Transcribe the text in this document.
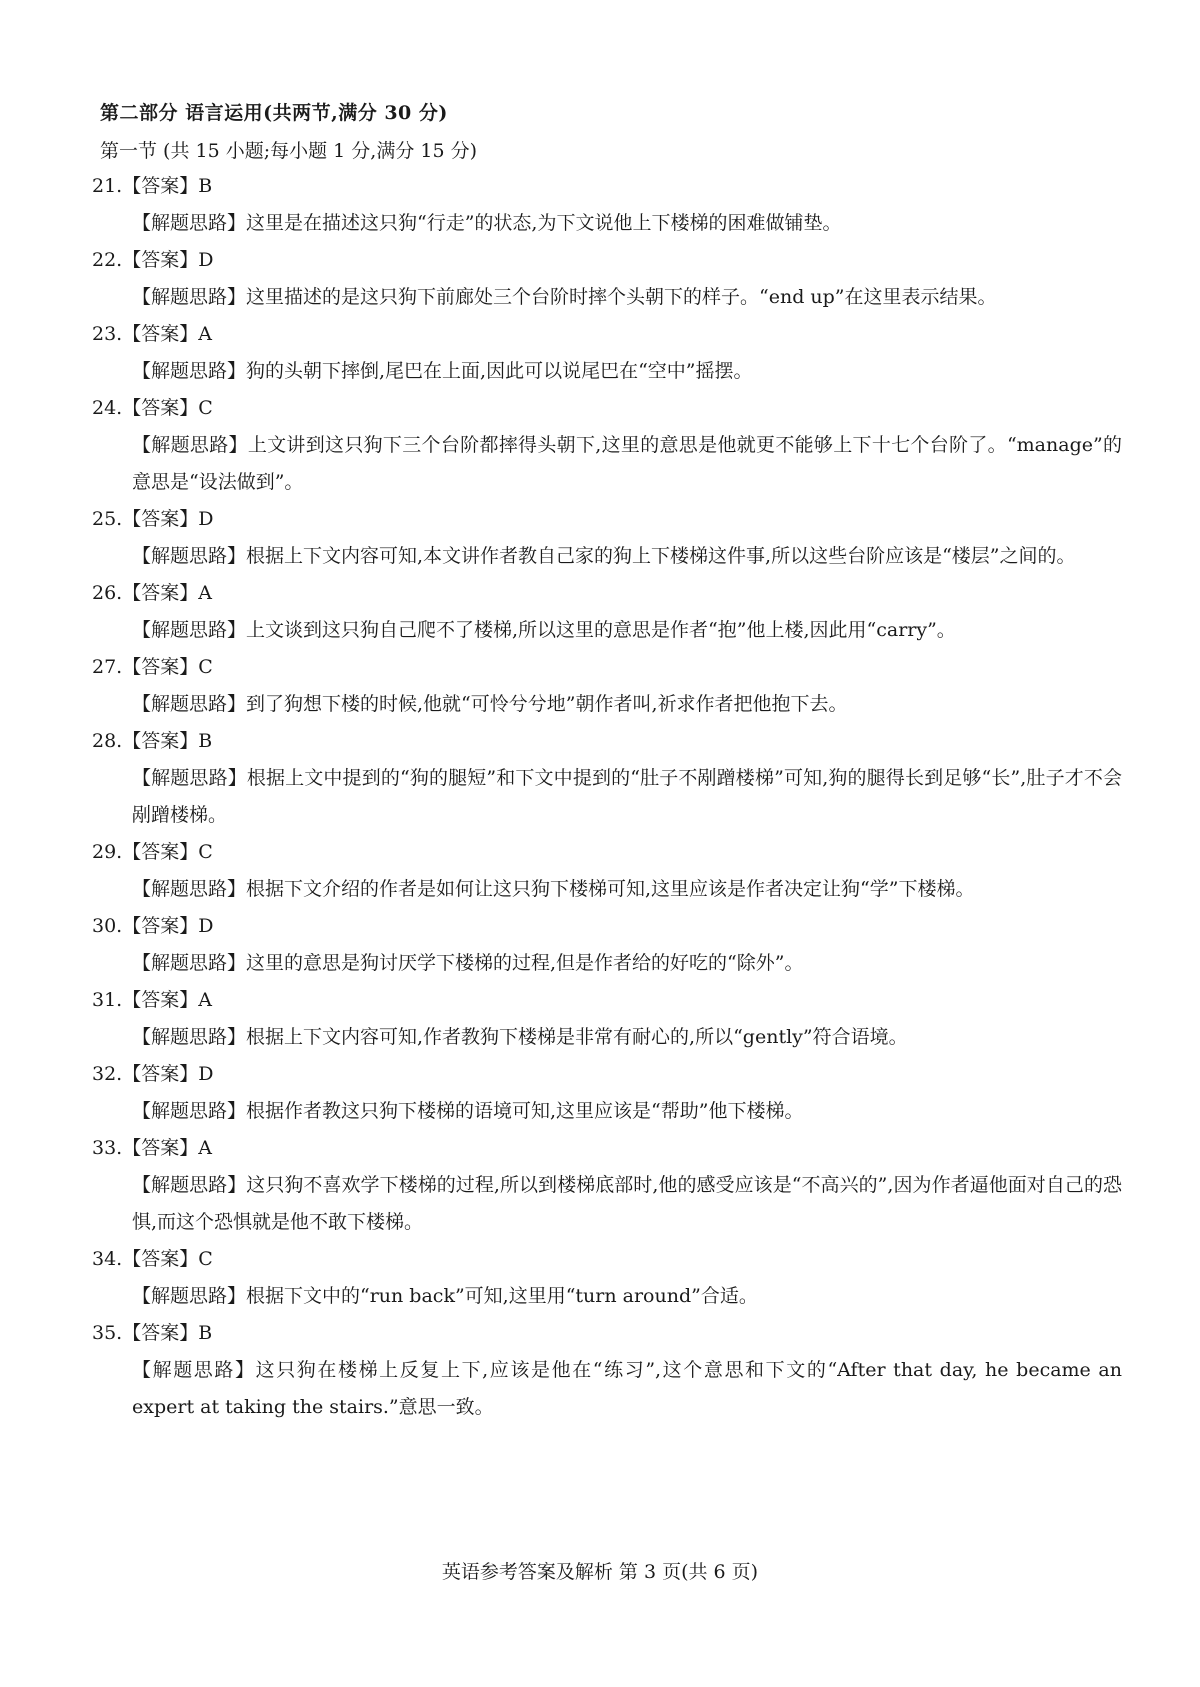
第二部分 语言运用(共两节,满分 30 分)
第一节 (共 15 小题;每小题 1 分,满分 15 分)
21.【答案】B
【解题思路】这里是在描述这只狗“行走”的状态,为下文说他上下楼梯的困难做铺垫。
22.【答案】D
【解题思路】这里描述的是这只狗下前廊处三个台阶时摔个头朝下的样子。“end up”在这里表示结果。
23.【答案】A
【解题思路】狗的头朝下摔倒,尾巴在上面,因此可以说尾巴在“空中”摇摆。
24.【答案】C
【解题思路】上文讲到这只狗下三个台阶都摔得头朝下,这里的意思是他就更不能够上下十七个台阶了。“manage”的意思是“设法做到”。
25.【答案】D
【解题思路】根据上下文内容可知,本文讲作者教自己家的狗上下楼梯这件事,所以这些台阶应该是“楼层”之间的。
26.【答案】A
【解题思路】上文谈到这只狗自己爬不了楼梯,所以这里的意思是作者“抱”他上楼,因此用“carry”。
27.【答案】C
【解题思路】到了狗想下楼的时候,他就“可怜兮兮地”朝作者叫,祈求作者把他抱下去。
28.【答案】B
【解题思路】根据上文中提到的“狗的腿短”和下文中提到的“肚子不剐蹭楼梯”可知,狗的腿得长到足够“长”,肚子才不会剐蹭楼梯。
29.【答案】C
【解题思路】根据下文介绍的作者是如何让这只狗下楼梯可知,这里应该是作者决定让狗“学”下楼梯。
30.【答案】D
【解题思路】这里的意思是狗讨厌学下楼梯的过程,但是作者给的好吃的“除外”。
31.【答案】A
【解题思路】根据上下文内容可知,作者教狗下楼梯是非常有耐心的,所以“gently”符合语境。
32.【答案】D
【解题思路】根据作者教这只狗下楼梯的语境可知,这里应该是“帮助”他下楼梯。
33.【答案】A
【解题思路】这只狗不喜欢学下楼梯的过程,所以到楼梯底部时,他的感受应该是“不高兴的”,因为作者逼他面对自己的恐惧,而这个恐惧就是他不敢下楼梯。
34.【答案】C
【解题思路】根据下文中的“run back”可知,这里用“turn around”合适。
35.【答案】B
【解题思路】这只狗在楼梯上反复上下,应该是他在“练习”,这个意思和下文的“After that day, he became an expert at taking the stairs.”意思一致。
英语参考答案及解析 第 3 页(共 6 页)
